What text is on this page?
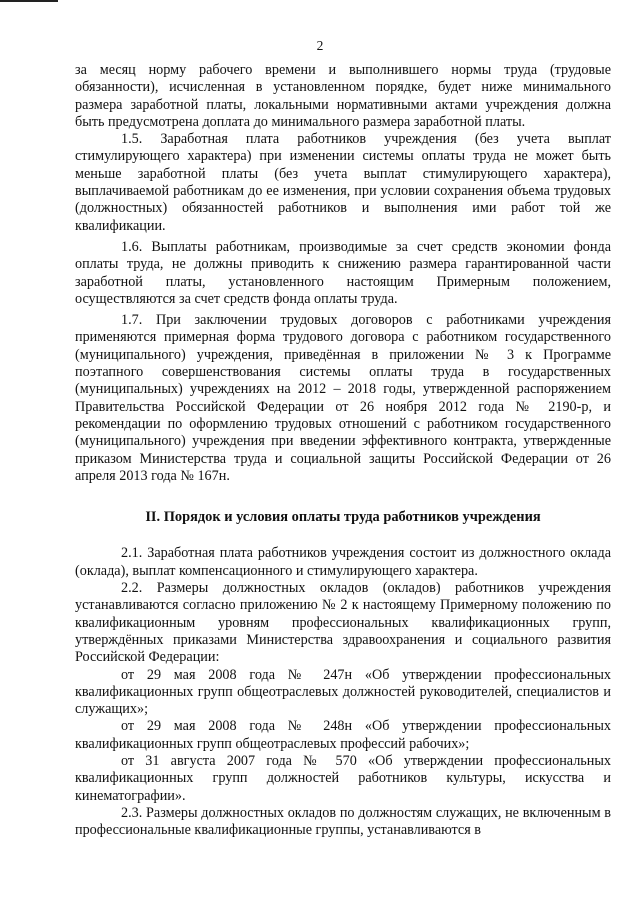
2

за месяц норму рабочего времени и выполнившего нормы труда (трудовые обязанности), исчисленная в установленном порядке, будет ниже минимального размера заработной платы, локальными нормативными актами учреждения должна быть предусмотрена доплата до минимального размера заработной платы.

1.5. Заработная плата работников учреждения (без учета выплат стимулирующего характера) при изменении системы оплаты труда не может быть меньше заработной платы (без учета выплат стимулирующего характера), выплачиваемой работникам до ее изменения, при условии сохранения объема трудовых (должностных) обязанностей работников и выполнения ими работ той же квалификации.

1.6. Выплаты работникам, производимые за счет средств экономии фонда оплаты труда, не должны приводить к снижению размера гарантированной части заработной платы, установленного настоящим Примерным положением, осуществляются за счет средств фонда оплаты труда.

1.7. При заключении трудовых договоров с работниками учреждения применяются примерная форма трудового договора с работником государственного (муниципального) учреждения, приведённая в приложении № 3 к Программе поэтапного совершенствования системы оплаты труда в государственных (муниципальных) учреждениях на 2012 – 2018 годы, утвержденной распоряжением Правительства Российской Федерации от 26 ноября 2012 года № 2190-р, и рекомендации по оформлению трудовых отношений с работником государственного (муниципального) учреждения при введении эффективного контракта, утвержденные приказом Министерства труда и социальной защиты Российской Федерации от 26 апреля 2013 года № 167н.

II. Порядок и условия оплаты труда работников учреждения

2.1. Заработная плата работников учреждения состоит из должностного оклада (оклада), выплат компенсационного и стимулирующего характера.

2.2. Размеры должностных окладов (окладов) работников учреждения устанавливаются согласно приложению № 2 к настоящему Примерному положению по квалификационным уровням профессиональных квалификационных групп, утверждённых приказами Министерства здравоохранения и социального развития Российской Федерации:

от 29 мая 2008 года № 247н «Об утверждении профессиональных квалификационных групп общеотраслевых должностей руководителей, специалистов и служащих»;

от 29 мая 2008 года № 248н «Об утверждении профессиональных квалификационных групп общеотраслевых профессий рабочих»;

от 31 августа 2007 года № 570 «Об утверждении профессиональных квалификационных групп должностей работников культуры, искусства и кинематографии».

2.3. Размеры должностных окладов по должностям служащих, не включенным в профессиональные квалификационные группы, устанавливаются в
